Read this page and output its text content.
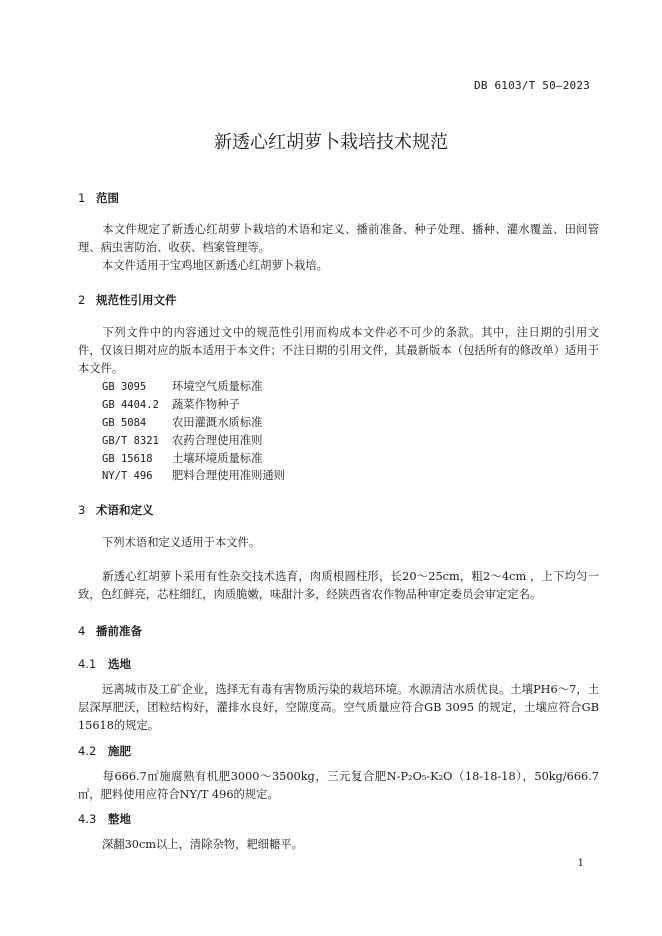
DB 6103/T 50—2023
新透心红胡萝卜栽培技术规范
1 范围
本文件规定了新透心红胡萝卜栽培的术语和定义、播前准备、种子处理、播种、灌水覆盖、田间管理、病虫害防治、收获、档案管理等。
本文件适用于宝鸡地区新透心红胡萝卜栽培。
2 规范性引用文件
下列文件中的内容通过文中的规范性引用而构成本文件必不可少的条款。其中，注日期的引用文件，仅该日期对应的版本适用于本文件；不注日期的引用文件，其最新版本（包括所有的修改单）适用于本文件。
GB 3095 环境空气质量标准
GB 4404.2 蔬菜作物种子
GB 5084 农田灌溉水质标准
GB/T 8321 农药合理使用准则
GB 15618 土壤环境质量标准
NY/T 496 肥料合理使用准则通则
3 术语和定义
下列术语和定义适用于本文件。
新透心红胡萝卜采用有性杂交技术选育，肉质根圆柱形，长20～25cm，粗2～4cm ，上下均匀一致，色红鲜亮，芯柱细红，肉质脆嫩，味甜汁多，经陕西省农作物品种审定委员会审定定名。
4 播前准备
4.1 选地
远离城市及工矿企业，选择无有毒有害物质污染的栽培环境。水源清洁水质优良。土壤PH6～7，土层深厚肥沃，团粒结构好，灌排水良好，空隙度高。空气质量应符合GB 3095 的规定，土壤应符合GB 15618的规定。
4.2 施肥
每666.7㎡施腐熟有机肥3000～3500kg，三元复合肥N-P₂O₅-K₂O（18-18-18），50kg/666.7㎡，肥料使用应符合NY/T 496的规定。
4.3 整地
深翻30cm以上，清除杂物，耙细耱平。
1
